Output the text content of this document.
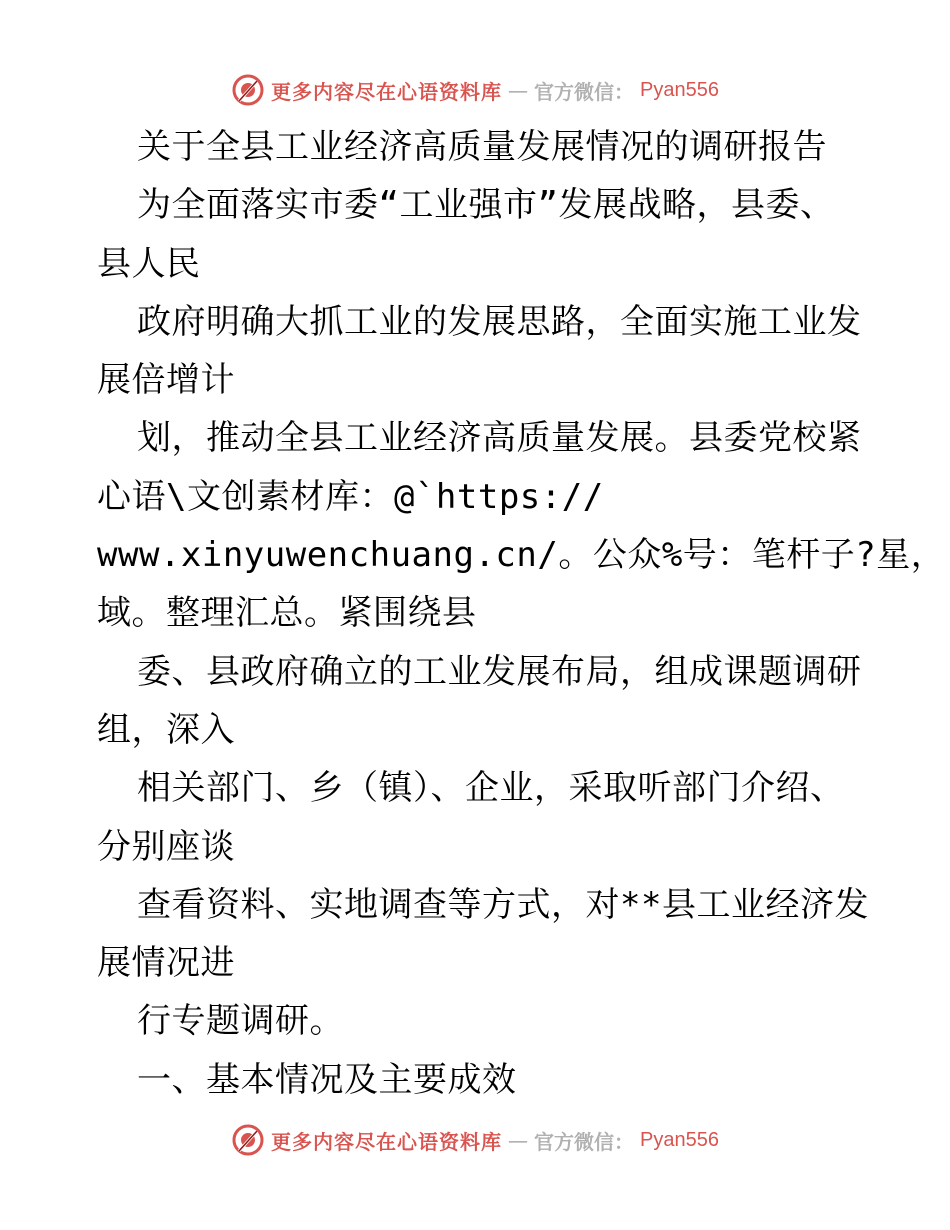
更多内容尽在心语资料库 — 官方微信： Pyan556
关于全县工业经济高质量发展情况的调研报告
为全面落实市委“工业强市”发展战略，县委、
县人民
政府明确大抓工业的发展思路，全面实施工业发
展倍增计
划，推动全县工业经济高质量发展。县委党校紧
心语\文创素材库：@`https://
www.xinyuwenchuang.cn/。公众%号：笔杆子?星，
域。整理汇总。紧围绕县
委、县政府确立的工业发展布局，组成课题调研
组，深入
相关部门、乡（镇）、企业，采取听部门介绍、
分别座谈
查看资料、实地调查等方式，对**县工业经济发
展情况进
行专题调研。
一、基本情况及主要成效
更多内容尽在心语资料库 — 官方微信： Pyan556
